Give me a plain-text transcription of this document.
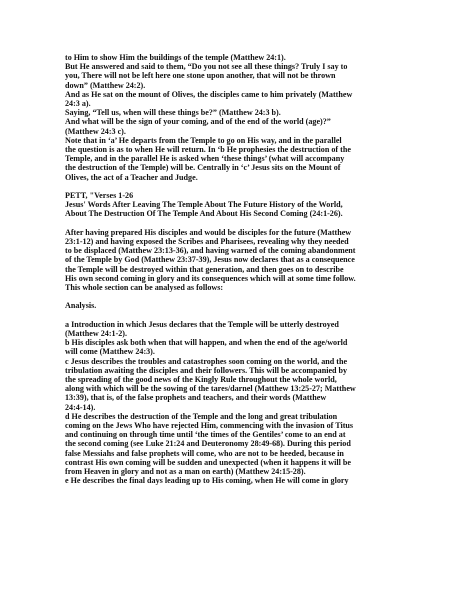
to Him to show Him the buildings of the temple (Matthew 24:1).

But He answered and said to them, “Do you not see all these things? Truly I say to

you, There will not be left here one stone upon another, that will not be thrown

down” (Matthew 24:2).

And as He sat on the mount of Olives, the disciples came to him privately (Matthew

24:3 a).

Saying, “Tell us, when will these things be?” (Matthew 24:3 b).

And what will be the sign of your coming, and of the end of the world (age)?”

(Matthew 24:3 c).

Note that in ‘a’ He departs from the Temple to go on His way, and in the parallel

the question is as to when He will return. In ‘b He prophesies the destruction of the

Temple, and in the parallel He is asked when ‘these things’ (what will accompany

the destruction of the Temple) will be. Centrally in ‘c’ Jesus sits on the Mount of

Olives, the act of a Teacher and Judge.

PETT, "Verses 1-26

Jesus' Words After Leaving The Temple About The Future History of the World,

About The Destruction Of The Temple And About His Second Coming (24:1-26).

After having prepared His disciples and would be disciples for the future (Matthew

23:1-12) and having exposed the Scribes and Pharisees, revealing why they needed

to be displaced (Matthew 23:13-36), and having warned of the coming abandonment

of the Temple by God (Matthew 23:37-39), Jesus now declares that as a consequence

the Temple will be destroyed within that generation, and then goes on to describe

His own second coming in glory and its consequences which will at some time follow.

This whole section can be analysed as follows:

Analysis.

a Introduction in which Jesus declares that the Temple will be utterly destroyed

(Matthew 24:1-2).

b His disciples ask both when that will happen, and when the end of the age/world

will come (Matthew 24:3).

c Jesus describes the troubles and catastrophes soon coming on the world, and the

tribulation awaiting the disciples and their followers. This will be accompanied by

the spreading of the good news of the Kingly Rule throughout the whole world,

along with which will be the sowing of the tares/darnel (Matthew 13:25-27; Matthew

13:39), that is, of the false prophets and teachers, and their words (Matthew

24:4-14).

d He describes the destruction of the Temple and the long and great tribulation

coming on the Jews Who have rejected Him, commencing with the invasion of Titus

and continuing on through time until ‘the times of the Gentiles’ come to an end at

the second coming (see Luke 21:24 and Deuteronomy 28:49-68). During this period

false Messiahs and false prophets will come, who are not to be heeded, because in

contrast His own coming will be sudden and unexpected (when it happens it will be

from Heaven in glory and not as a man on earth) (Matthew 24:15-28).

e He describes the final days leading up to His coming, when He will come in glory
